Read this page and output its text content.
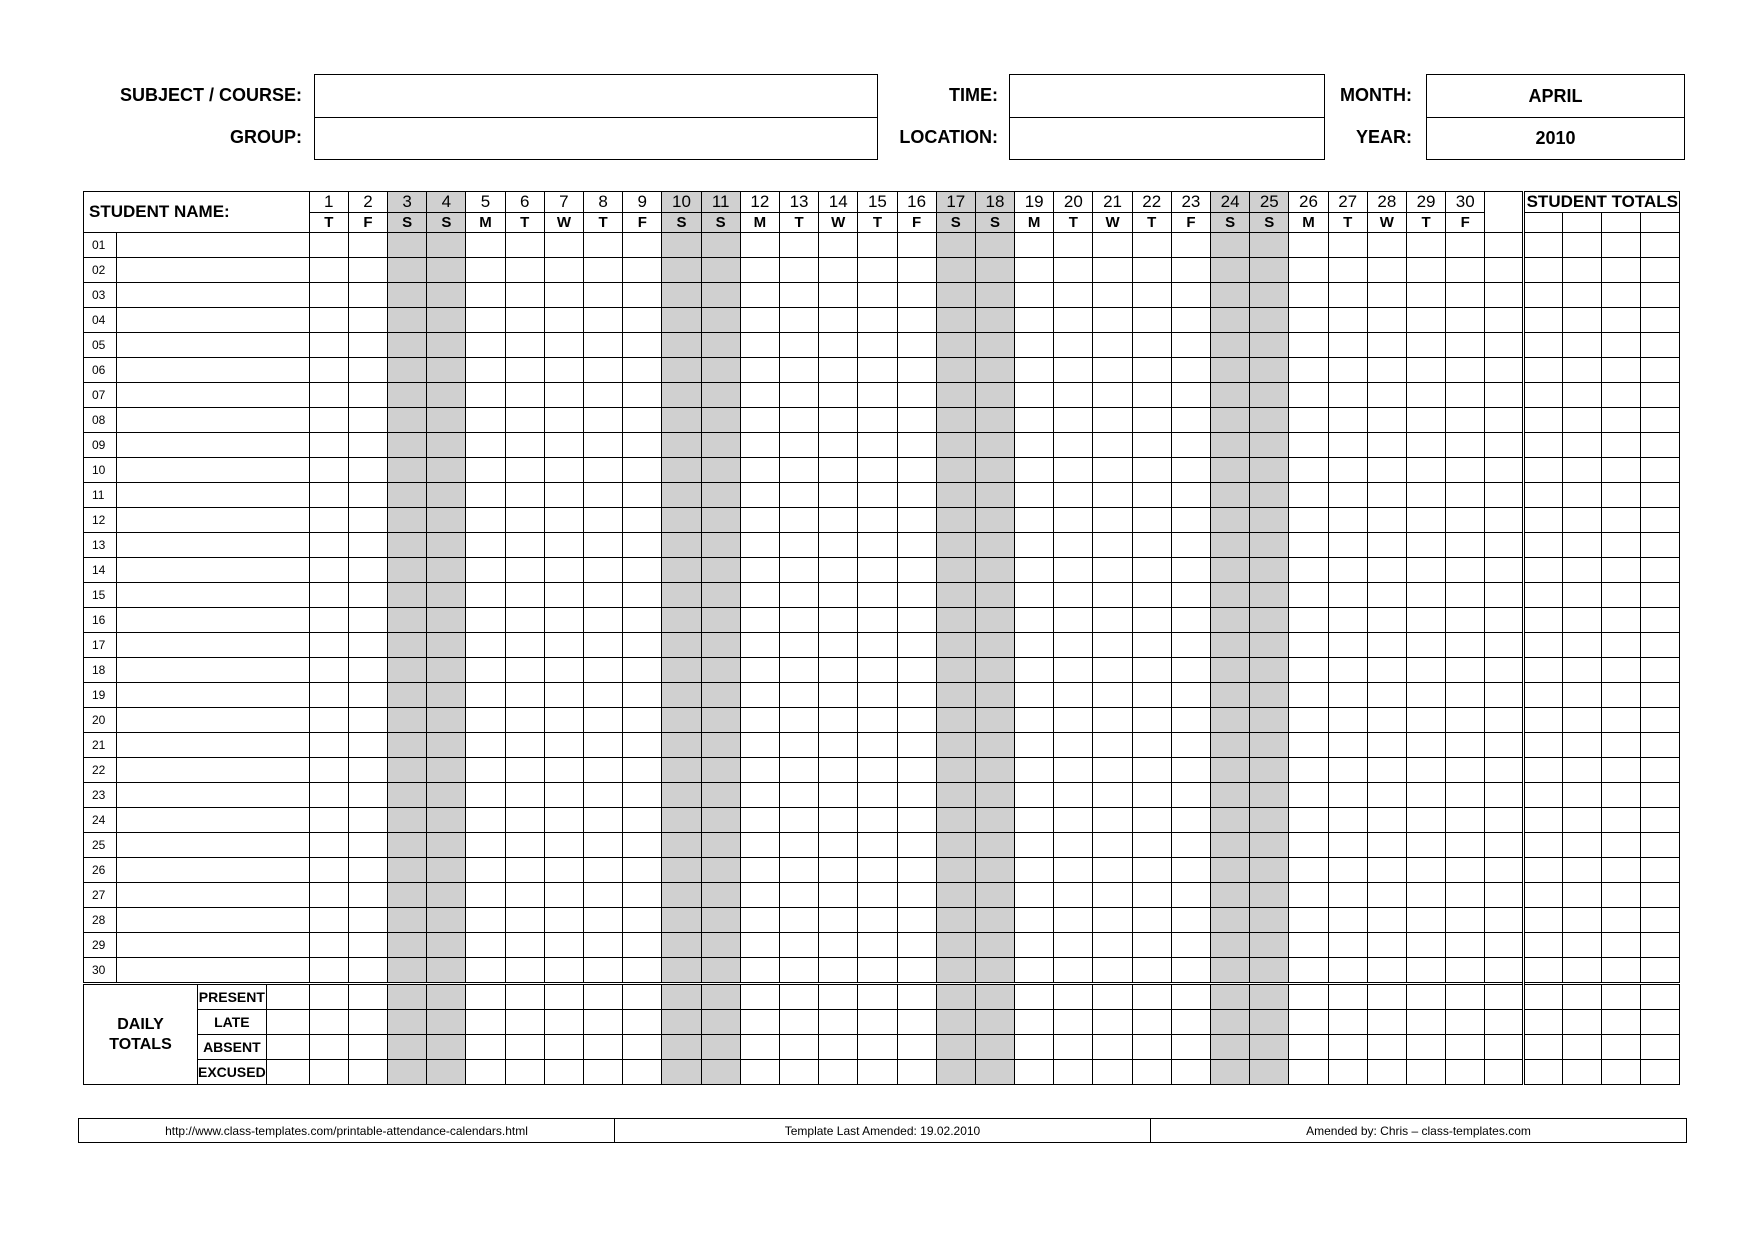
SUBJECT / COURSE:
GROUP:
TIME:
LOCATION:
MONTH:	APRIL
YEAR:	2010
STUDENT NAME:				1	2	3	4	5	6	7	8	9	10	11	12	13	14	15	16	17	18	19	20	21	22	23	24	25	26	27	28	29	30		STUDENT TOTALS			
				T	F	S	S	M	T	W	T	F	S	S	M	T	W	T	F	S	S	M	T	W	T	F	S	S	M	T	W	T	F					
01																																						
02																																						
03																																						
04																																						
05																																						
06																																						
07																																						
08																																						
09																																						
10																																						
11																																						
12																																						
13																																						
14																																						
15																																						
16																																						
17																																						
18																																						
19																																						
20																																						
21																																						
22																																						
23																																						
24																																						
25																																						
26																																						
27																																						
28																																						
29																																						
30																																						
DAILY TOTALS		PRESENT																																				
		LATE																																				
		ABSENT																																				
		EXCUSED																																				
http://www.class-templates.com/printable-attendance-calendars.html	Template Last Amended: 19.02.2010	Amended by: Chris – class-templates.com
